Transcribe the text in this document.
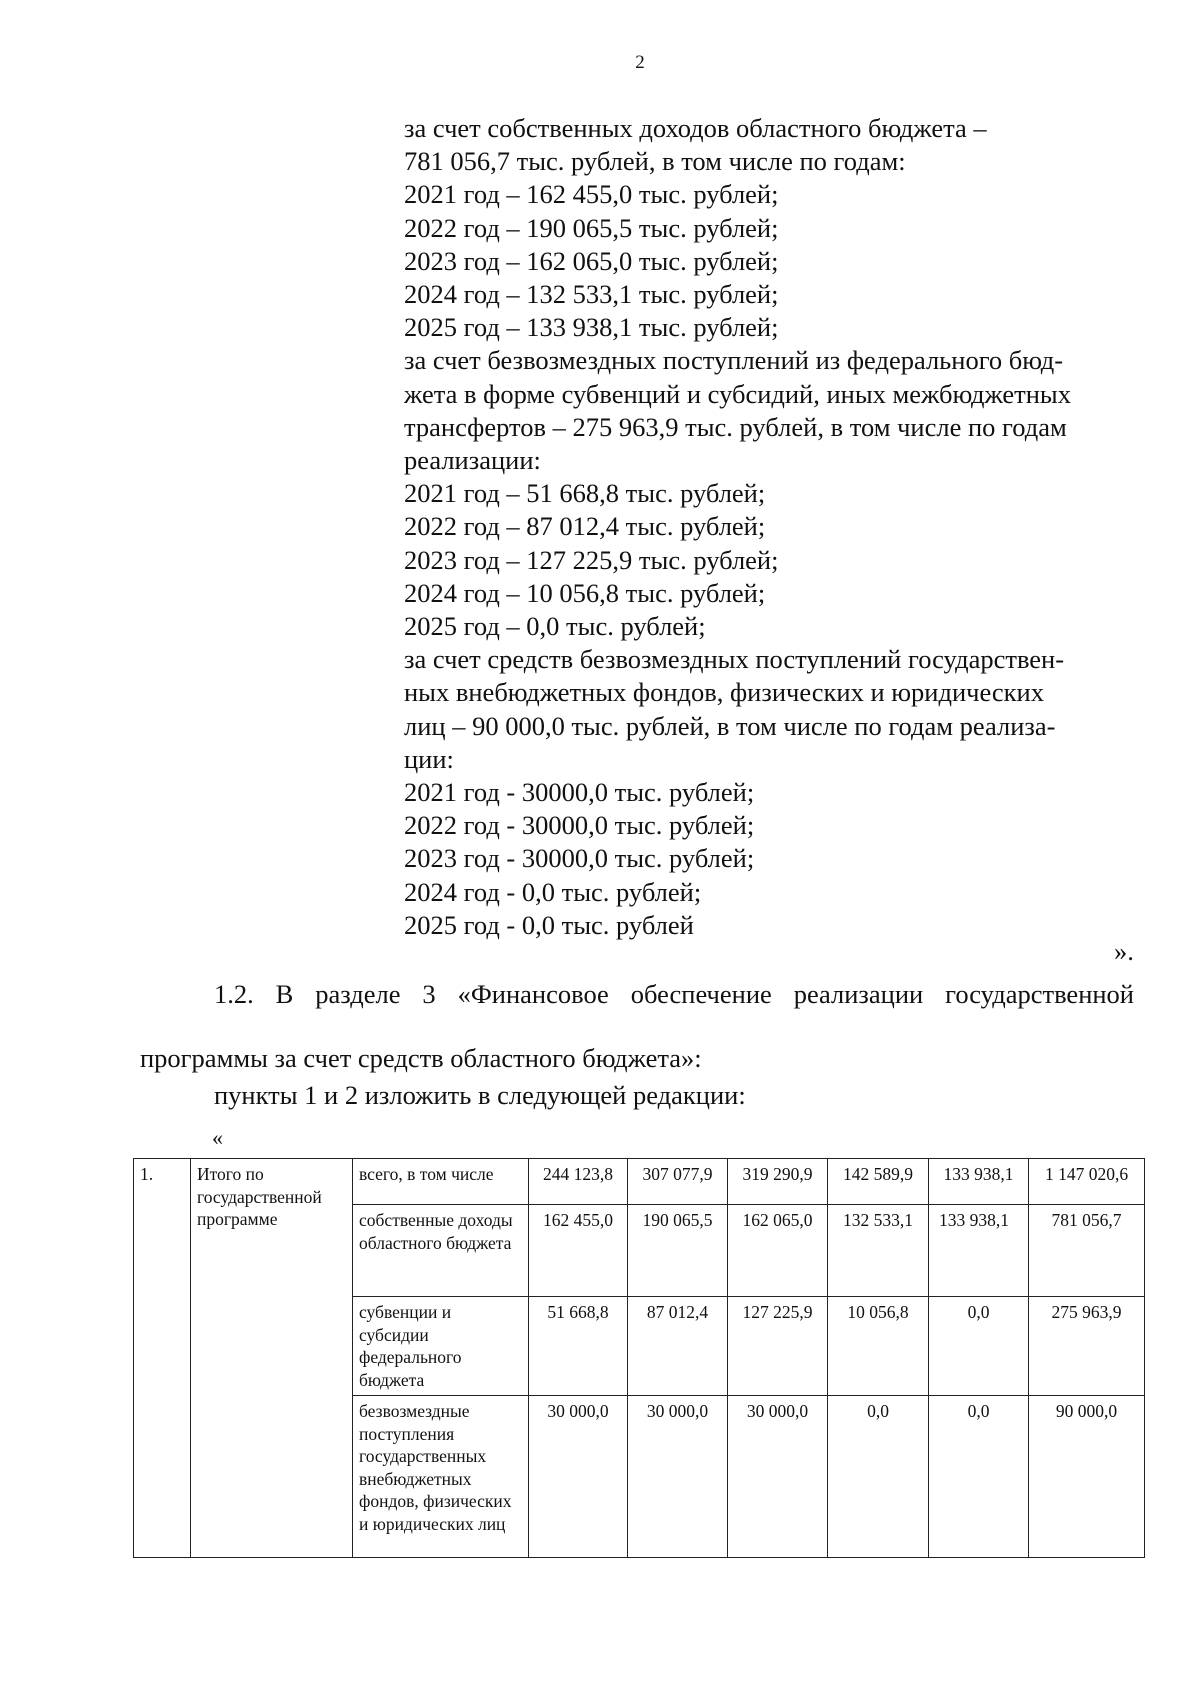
2
за счет собственных доходов областного бюджета –
781 056,7 тыс. рублей, в том числе по годам:
2021 год – 162 455,0 тыс. рублей;
2022 год – 190 065,5 тыс. рублей;
2023 год – 162 065,0 тыс. рублей;
2024 год – 132 533,1 тыс. рублей;
2025 год – 133 938,1 тыс. рублей;
за счет безвозмездных поступлений из федерального бюд-
жета в форме субвенций и субсидий, иных межбюджетных
трансфертов – 275 963,9 тыс. рублей, в том числе по годам
реализации:
2021 год – 51 668,8 тыс. рублей;
2022 год – 87 012,4 тыс. рублей;
2023 год – 127 225,9 тыс. рублей;
2024 год – 10 056,8 тыс. рублей;
2025 год – 0,0 тыс. рублей;
за счет средств безвозмездных поступлений государствен-
ных внебюджетных фондов, физических и юридических
лиц – 90 000,0 тыс. рублей, в том числе по годам реализа-
ции:
2021 год - 30000,0 тыс. рублей;
2022 год - 30000,0 тыс. рублей;
2023 год - 30000,0 тыс. рублей;
2024 год - 0,0 тыс. рублей;
2025 год - 0,0 тыс. рублей
».
1.2. В разделе 3 «Финансовое обеспечение реализации государственной
программы за счет средств областного бюджета»:
пункты 1 и 2 изложить в следующей редакции:
«
1.	Итого по государственной программе	всего, в том числе	244 123,8	307 077,9	319 290,9	142 589,9	133 938,1	1 147 020,6
		собственные доходы областного бюджета	162 455,0	190 065,5	162 065,0	132 533,1	133 938,1	781 056,7
		субвенции и субсидии федерального бюджета	51 668,8	87 012,4	127 225,9	10 056,8	0,0	275 963,9
		безвозмездные поступления государственных внебюджетных фондов, физических и юридических лиц	30 000,0	30 000,0	30 000,0	0,0	0,0	90 000,0
